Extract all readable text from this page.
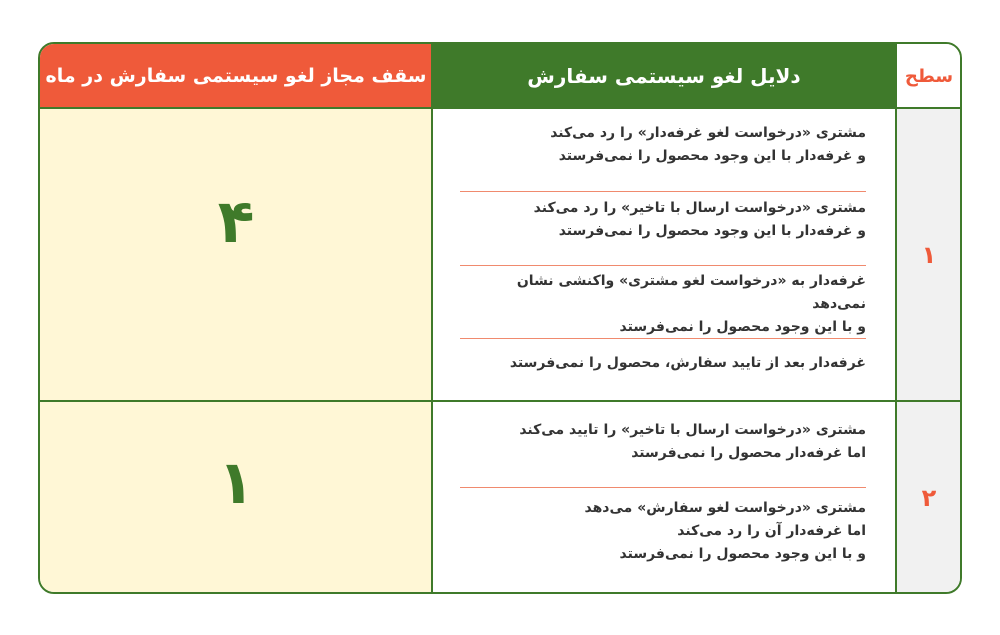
سقف مجاز لغو سیستمی سفارش در ماه	دلایل لغو سیستمی سفارش	سطح
۴
مشتری «درخواست لغو غرفه‌دار» را رد می‌کند
و غرفه‌دار با این وجود محصول را نمی‌فرستد
مشتری «درخواست ارسال با تاخیر» را رد می‌کند
و غرفه‌دار با این وجود محصول را نمی‌فرستد
غرفه‌دار به «درخواست لغو مشتری» واکنشی نشان نمی‌دهد
و با این وجود محصول را نمی‌فرستد
غرفه‌دار بعد از تایید سفارش، محصول را نمی‌فرستد
۱
۱
مشتری «درخواست ارسال با تاخیر» را تایید می‌کند
اما غرفه‌دار محصول را نمی‌فرستد
مشتری «درخواست لغو سفارش» می‌دهد
اما غرفه‌دار آن را رد می‌کند
و با این وجود محصول را نمی‌فرستد
۲
